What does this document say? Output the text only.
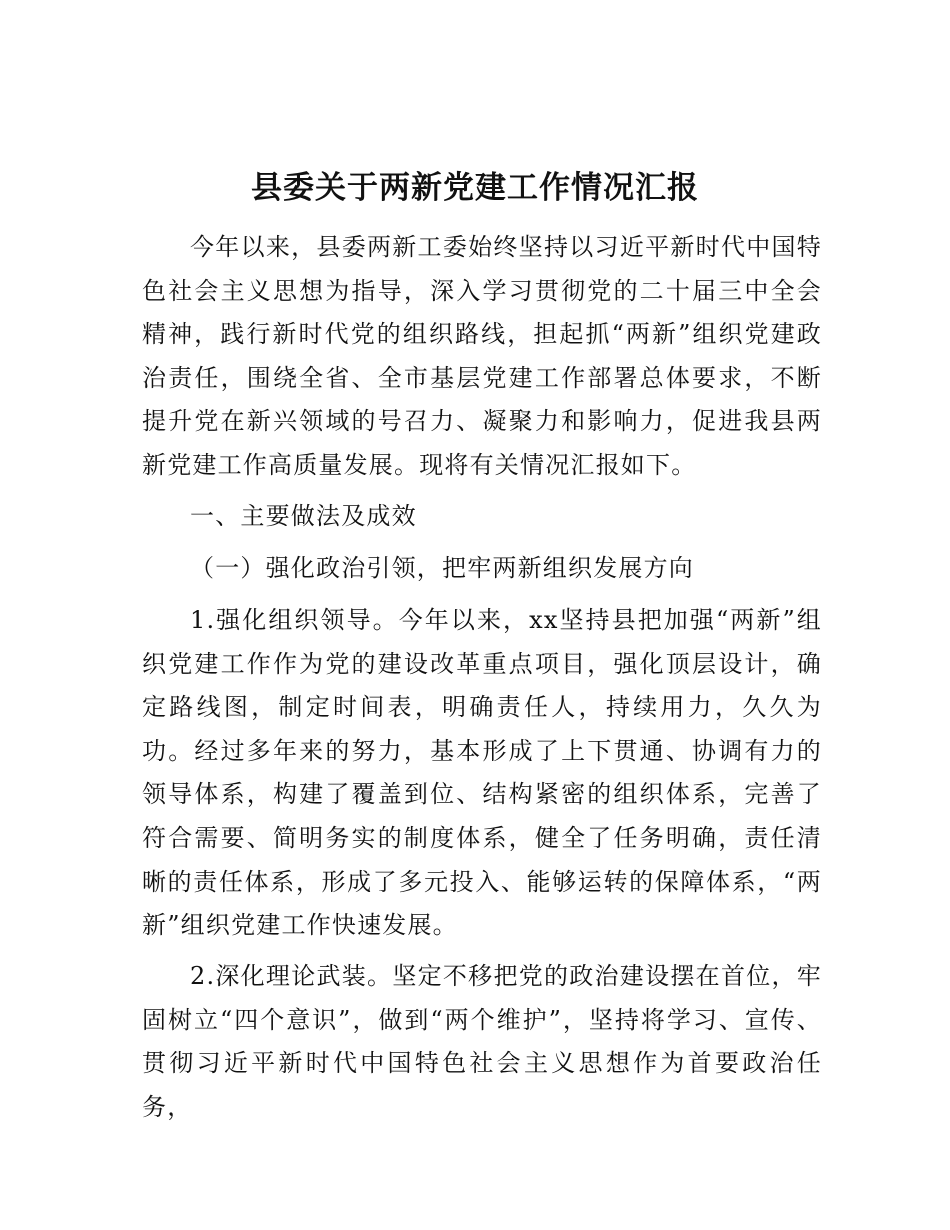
县委关于两新党建工作情况汇报

今年以来，县委两新工委始终坚持以习近平新时代中国特色社会主义思想为指导，深入学习贯彻党的二十届三中全会精神，践行新时代党的组织路线，担起抓“两新”组织党建政治责任，围绕全省、全市基层党建工作部署总体要求，不断提升党在新兴领域的号召力、凝聚力和影响力，促进我县两新党建工作高质量发展。现将有关情况汇报如下。

一、主要做法及成效

（一）强化政治引领，把牢两新组织发展方向

1.强化组织领导。今年以来，xx坚持县把加强“两新”组织党建工作作为党的建设改革重点项目，强化顶层设计，确定路线图，制定时间表，明确责任人，持续用力，久久为功。经过多年来的努力，基本形成了上下贯通、协调有力的领导体系，构建了覆盖到位、结构紧密的组织体系，完善了符合需要、简明务实的制度体系，健全了任务明确，责任清晰的责任体系，形成了多元投入、能够运转的保障体系，“两新”组织党建工作快速发展。

2.深化理论武装。坚定不移把党的政治建设摆在首位，牢固树立“四个意识”，做到“两个维护”，坚持将学习、宣传、贯彻习近平新时代中国特色社会主义思想作为首要政治任务，
